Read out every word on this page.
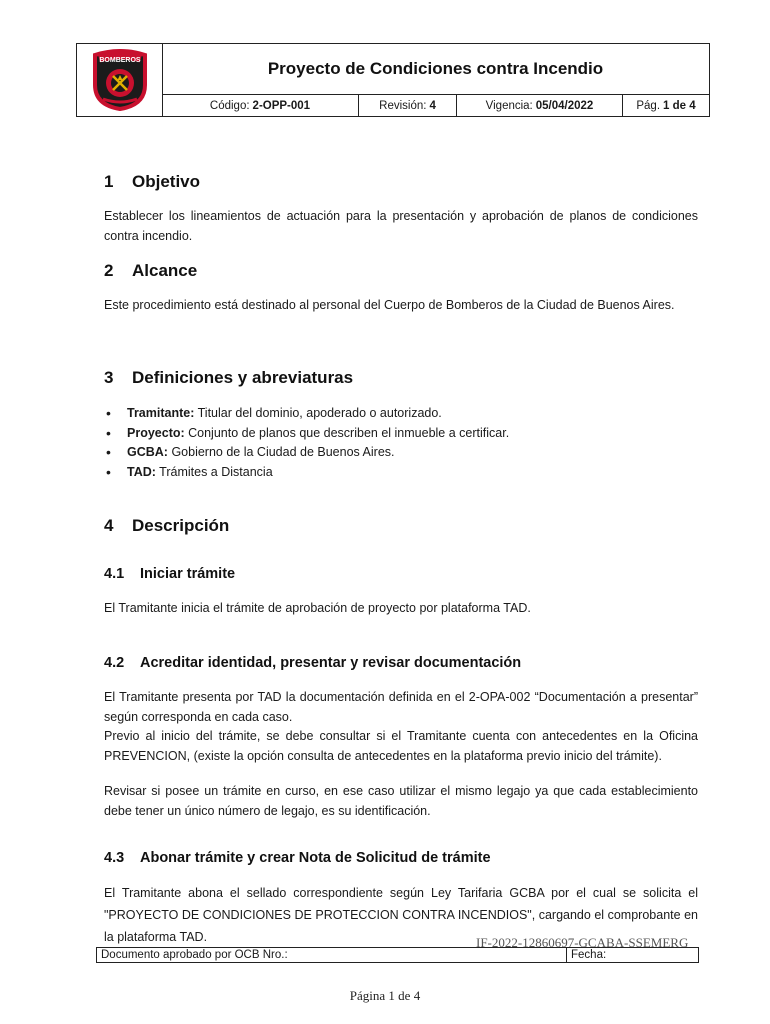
BOMBEROS	Proyecto de Condiciones contra Incendio
Código: 2-OPP-001	Revisión: 4	Vigencia: 05/04/2022	Pág. 1 de 4
1 Objetivo
Establecer los lineamientos de actuación para la presentación y aprobación de planos de condiciones contra incendio.
2 Alcance
Este procedimiento está destinado al personal del Cuerpo de Bomberos de la Ciudad de Buenos Aires.
3 Definiciones y abreviaturas
• Tramitante: Titular del dominio, apoderado o autorizado.
• Proyecto: Conjunto de planos que describen el inmueble a certificar.
• GCBA: Gobierno de la Ciudad de Buenos Aires.
• TAD: Trámites a Distancia
4 Descripción
4.1 Iniciar trámite
El Tramitante inicia el trámite de aprobación de proyecto por plataforma TAD.
4.2 Acreditar identidad, presentar y revisar documentación
El Tramitante presenta por TAD la documentación definida en el 2-OPA-002 “Documentación a presentar” según corresponda en cada caso.
Previo al inicio del trámite, se debe consultar si el Tramitante cuenta con antecedentes en la Oficina PREVENCION, (existe la opción consulta de antecedentes en la plataforma previo inicio del trámite).
Revisar si posee un trámite en curso, en ese caso utilizar el mismo legajo ya que cada establecimiento debe tener un único número de legajo, es su identificación.
4.3 Abonar trámite y crear Nota de Solicitud de trámite
El Tramitante abona el sellado correspondiente según Ley Tarifaria GCBA por el cual se solicita el "PROYECTO DE CONDICIONES DE PROTECCION CONTRA INCENDIOS", cargando el comprobante en la plataforma TAD.	IF-2022-12860697-GCABA-SSEMERG
Documento aprobado por OCB Nro.:	Fecha:
Página 1 de 4
